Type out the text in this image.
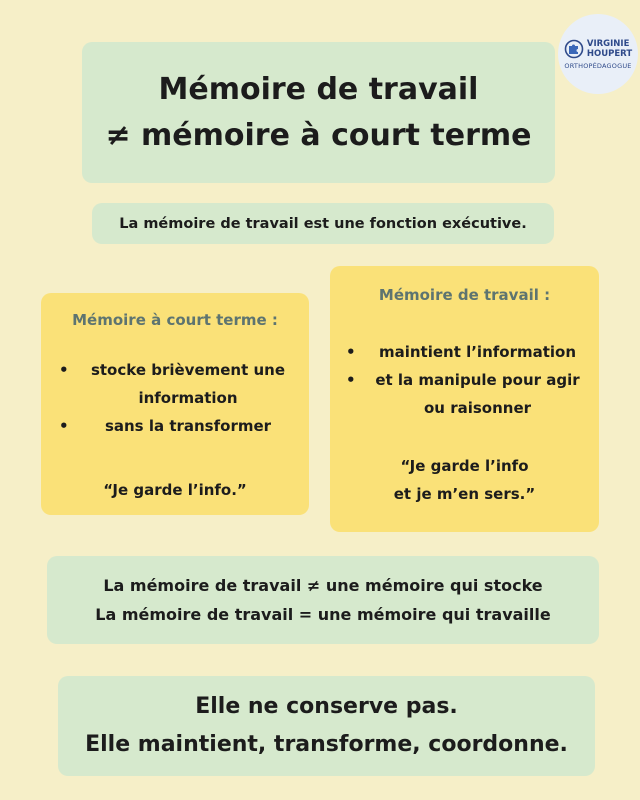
Mémoire de travail
≠ mémoire à court terme
VIRGINIE
HOUPERT
ORTHOPÉDAGOGUE
La mémoire de travail est une fonction exécutive.
Mémoire à court terme :
•	stocke brièvement une information
•	sans la transformer
“Je garde l’info.”
Mémoire de travail :
•	maintient l’information
•	et la manipule pour agir ou raisonner
“Je garde l’info
et je m’en sers.”
La mémoire de travail ≠ une mémoire qui stocke
La mémoire de travail = une mémoire qui travaille
Elle ne conserve pas.
Elle maintient, transforme, coordonne.
